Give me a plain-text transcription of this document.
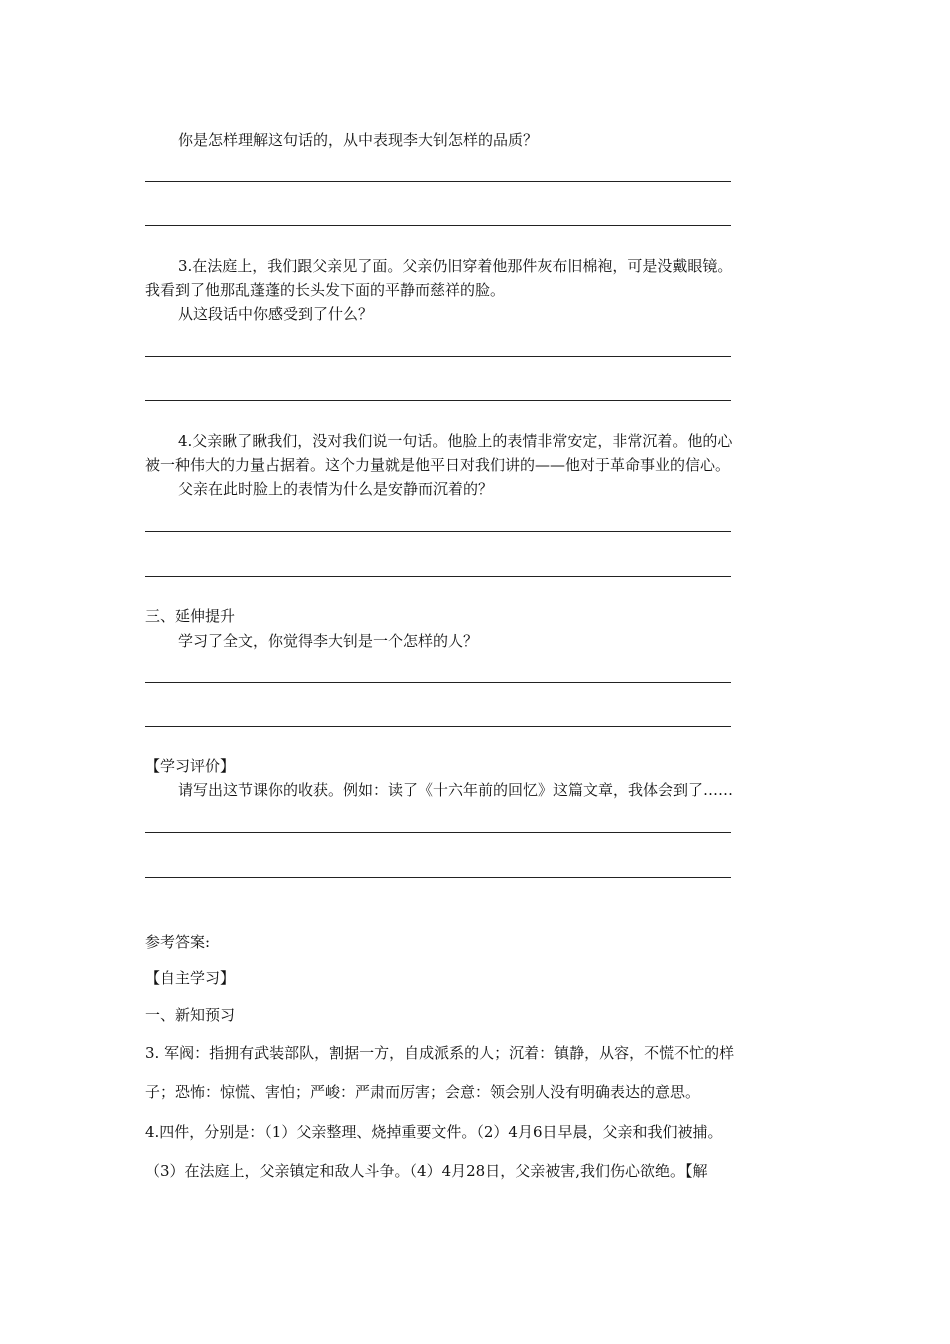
你是怎样理解这句话的，从中表现李大钊怎样的品质？
3.在法庭上，我们跟父亲见了面。父亲仍旧穿着他那件灰布旧棉袍，可是没戴眼镜。
我看到了他那乱蓬蓬的长头发下面的平静而慈祥的脸。
从这段话中你感受到了什么？
4.父亲瞅了瞅我们，没对我们说一句话。他脸上的表情非常安定，非常沉着。他的心
被一种伟大的力量占据着。这个力量就是他平日对我们讲的——他对于革命事业的信心。
父亲在此时脸上的表情为什么是安静而沉着的？
三、延伸提升
学习了全文，你觉得李大钊是一个怎样的人？
【学习评价】
请写出这节课你的收获。例如：读了《十六年前的回忆》这篇文章，我体会到了……
参考答案:
【自主学习】
一、新知预习
3. 军阀：指拥有武装部队，割据一方，自成派系的人；沉着：镇静，从容，不慌不忙的样
子；恐怖：惊慌、害怕；严峻：严肃而厉害；会意：领会别人没有明确表达的意思。
4.四件，分别是：（1）父亲整理、烧掉重要文件。（2）4月6日早晨，父亲和我们被捕。
（3）在法庭上，父亲镇定和敌人斗争。（4）4月28日，父亲被害,我们伤心欲绝。【解
